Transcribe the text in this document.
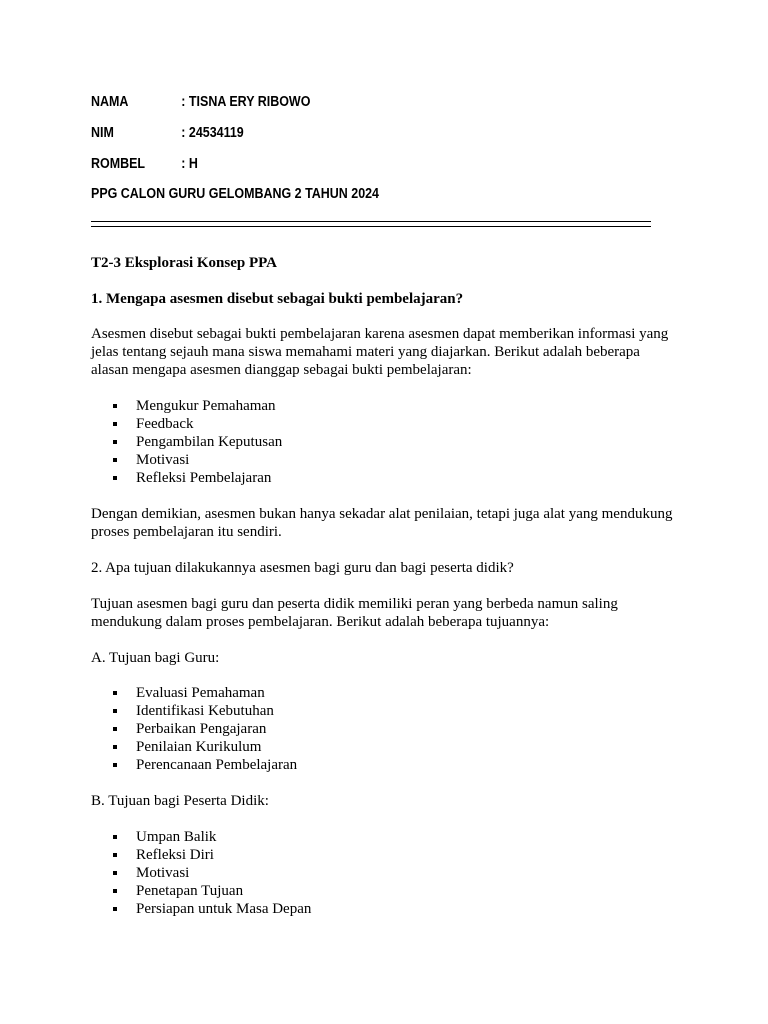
NAMA	: TISNA ERY RIBOWO
NIM	: 24534119
ROMBEL	: H
PPG CALON GURU GELOMBANG 2 TAHUN 2024
T2-3 Eksplorasi Konsep PPA
1. Mengapa asesmen disebut sebagai bukti pembelajaran?
Asesmen disebut sebagai bukti pembelajaran karena asesmen dapat memberikan informasi yang
jelas tentang sejauh mana siswa memahami materi yang diajarkan. Berikut adalah beberapa
alasan mengapa asesmen dianggap sebagai bukti pembelajaran:
Mengukur Pemahaman
Feedback
Pengambilan Keputusan
Motivasi
Refleksi Pembelajaran
Dengan demikian, asesmen bukan hanya sekadar alat penilaian, tetapi juga alat yang mendukung
proses pembelajaran itu sendiri.
2. Apa tujuan dilakukannya asesmen bagi guru dan bagi peserta didik?
Tujuan asesmen bagi guru dan peserta didik memiliki peran yang berbeda namun saling
mendukung dalam proses pembelajaran. Berikut adalah beberapa tujuannya:
A. Tujuan bagi Guru:
Evaluasi Pemahaman
Identifikasi Kebutuhan
Perbaikan Pengajaran
Penilaian Kurikulum
Perencanaan Pembelajaran
B. Tujuan bagi Peserta Didik:
Umpan Balik
Refleksi Diri
Motivasi
Penetapan Tujuan
Persiapan untuk Masa Depan
